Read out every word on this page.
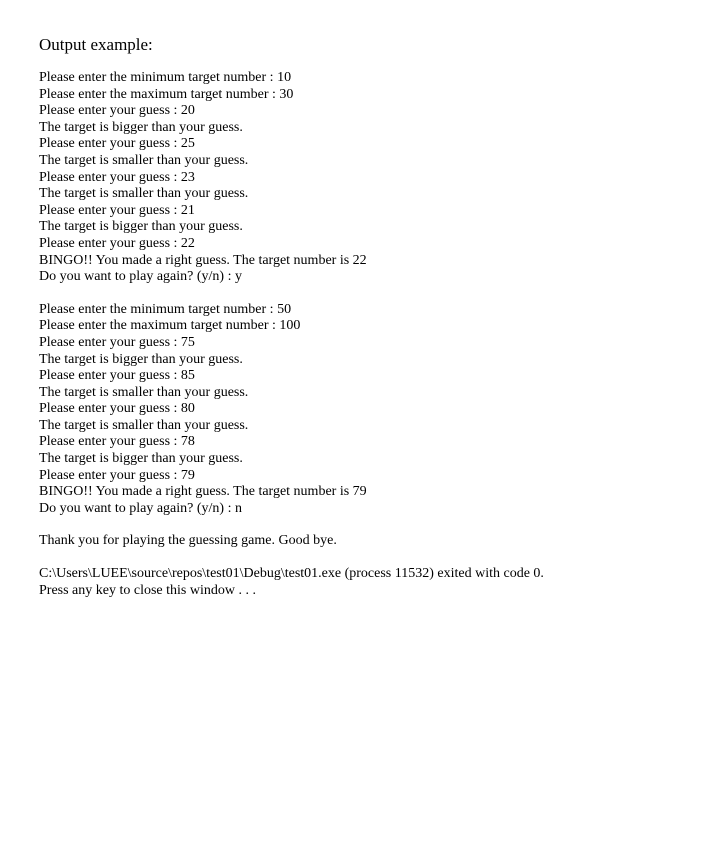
Output example:
Please enter the minimum target number : 10
Please enter the maximum target number : 30
Please enter your guess : 20
The target is bigger than your guess.
Please enter your guess : 25
The target is smaller than your guess.
Please enter your guess : 23
The target is smaller than your guess.
Please enter your guess : 21
The target is bigger than your guess.
Please enter your guess : 22
BINGO!! You made a right guess. The target number is 22
Do you want to play again? (y/n) : y
Please enter the minimum target number : 50
Please enter the maximum target number : 100
Please enter your guess : 75
The target is bigger than your guess.
Please enter your guess : 85
The target is smaller than your guess.
Please enter your guess : 80
The target is smaller than your guess.
Please enter your guess : 78
The target is bigger than your guess.
Please enter your guess : 79
BINGO!! You made a right guess. The target number is 79
Do you want to play again? (y/n) : n
Thank you for playing the guessing game. Good bye.
C:\Users\LUEE\source\repos\test01\Debug\test01.exe (process 11532) exited with code 0.
Press any key to close this window . . .
